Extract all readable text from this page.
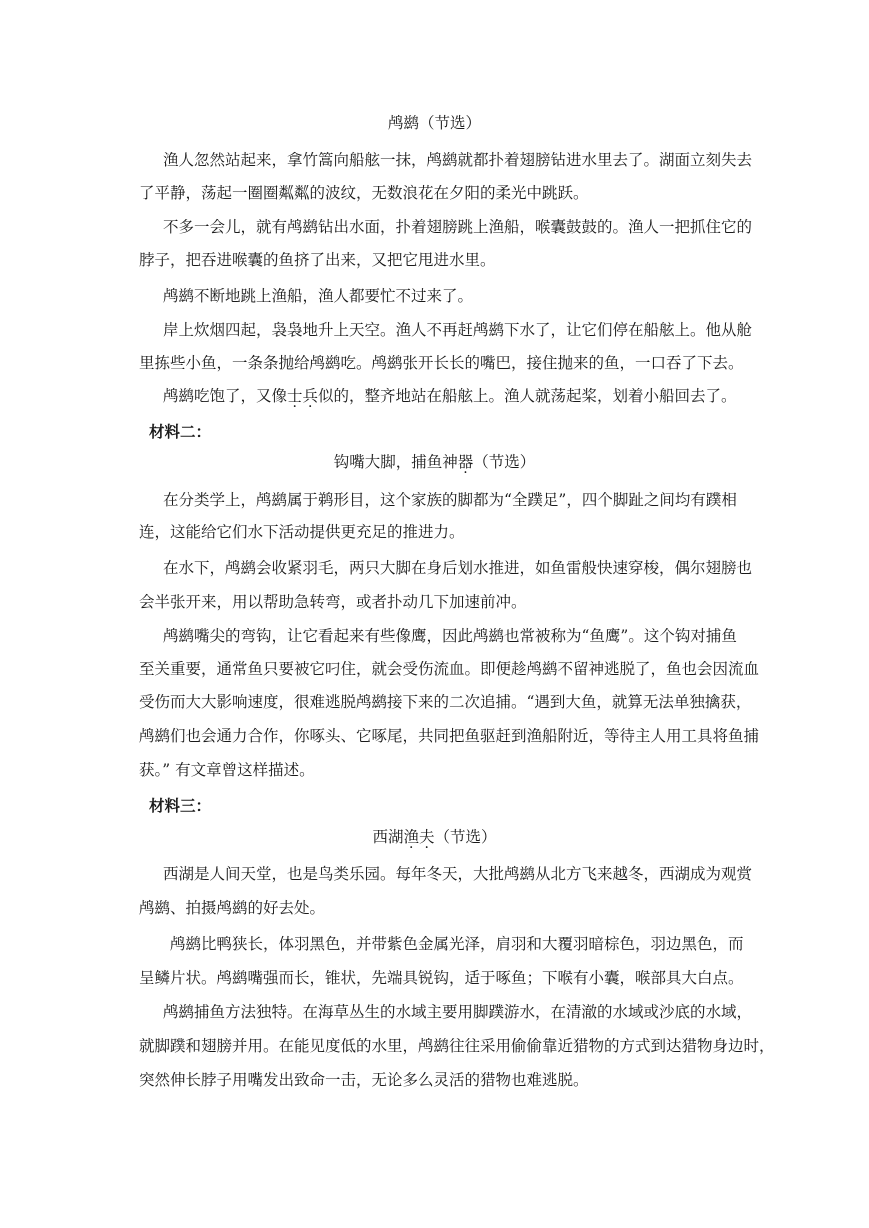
鸬鹚（节选）
渔人忽然站起来，拿竹篙向船舷一抹，鸬鹚就都扑着翅膀钻进水里去了。湖面立刻失去
了平静，荡起一圈圈粼粼的波纹，无数浪花在夕阳的柔光中跳跃。
不多一会儿，就有鸬鹚钻出水面，扑着翅膀跳上渔船，喉囊鼓鼓的。渔人一把抓住它的
脖子，把吞进喉囊的鱼挤了出来，又把它甩进水里。
鸬鹚不断地跳上渔船，渔人都要忙不过来了。
岸上炊烟四起，袅袅地升上天空。渔人不再赶鸬鹚下水了，让它们停在船舷上。他从舱
里拣些小鱼，一条条抛给鸬鹚吃。鸬鹚张开长长的嘴巴，接住抛来的鱼，一口吞了下去。
鸬鹚吃饱了，又像士兵似的，整齐地站在船舷上。渔人就荡起桨，划着小船回去了。
材料二：
钩嘴大脚，捕鱼神器（节选）
在分类学上，鸬鹚属于鹈形目，这个家族的脚都为“全蹼足”，四个脚趾之间均有蹼相
连，这能给它们水下活动提供更充足的推进力。
在水下，鸬鹚会收紧羽毛，两只大脚在身后划水推进，如鱼雷般快速穿梭，偶尔翅膀也
会半张开来，用以帮助急转弯，或者扑动几下加速前冲。
鸬鹚嘴尖的弯钩，让它看起来有些像鹰，因此鸬鹚也常被称为“鱼鹰”。这个钩对捕鱼
至关重要，通常鱼只要被它叼住，就会受伤流血。即便趁鸬鹚不留神逃脱了，鱼也会因流血
受伤而大大影响速度，很难逃脱鸬鹚接下来的二次追捕。“遇到大鱼，就算无法单独擒获，
鸬鹚们也会通力合作，你啄头、它啄尾，共同把鱼驱赶到渔船附近，等待主人用工具将鱼捕
获。” 有文章曾这样描述。
材料三：
西湖渔夫（节选）
西湖是人间天堂，也是鸟类乐园。每年冬天，大批鸬鹚从北方飞来越冬，西湖成为观赏
鸬鹚、拍摄鸬鹚的好去处。
鸬鹚比鸭狭长，体羽黑色，并带紫色金属光泽，肩羽和大覆羽暗棕色，羽边黑色，而
呈鳞片状。鸬鹚嘴强而长，锥状，先端具锐钩，适于啄鱼；下喉有小囊，喉部具大白点。
鸬鹚捕鱼方法独特。在海草丛生的水域主要用脚蹼游水，在清澈的水域或沙底的水域，
就脚蹼和翅膀并用。在能见度低的水里，鸬鹚往往采用偷偷靠近猎物的方式到达猎物身边时，
突然伸长脖子用嘴发出致命一击，无论多么灵活的猎物也难逃脱。
